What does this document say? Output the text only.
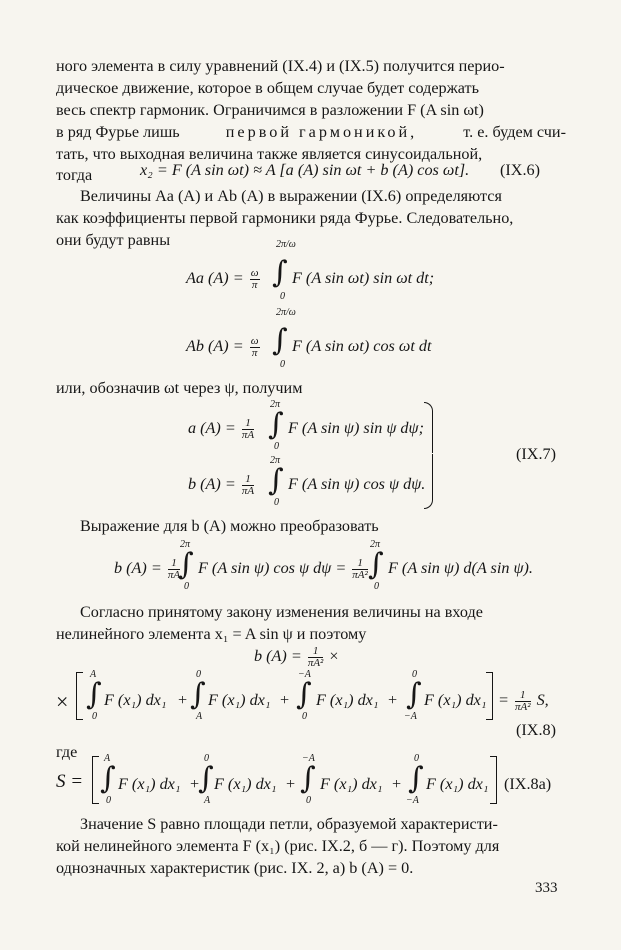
ного элемента в силу уравнений (IX.4) и (IX.5) получится перио-
дическое движение, которое в общем случае будет содержать
весь спектр гармоник. Ограничимся в разложении F (A sin ωt)
в ряд Фурье лишь	первой гармоникой,	т. е. будем счи-
тать, что выходная величина также является синусоидальной,
тогда	x₂ = F (A sin ωt) ≈ A [a (A) sin ωt + b (A) cos ωt]. (IX.6)
Величины Aa (A) и Ab (A) в выражении (IX.6) определяются
как коэффициенты первой гармоники ряда Фурье. Следовательно,
они будут равны
Aa $(A) = \frac{\omega}{\pi}$
2π/ω
∫
0
F (A sin ωt) sin ωt dt;
Ab $(A) = \frac{\omega}{\pi}$
2π/ω
∫
0
F (A sin ωt) cos ωt dt
или, обозначив ωt через ψ, получим
a $(A) = \frac{1}{\pi A}$
2π
∫
0
F (A sin ψ) sin ψ dψ;
b $(A) = \frac{1}{\pi A}$
2π
∫
0
F (A sin ψ) cos ψ dψ.
(IX.7)
Выражение для b (A) можно преобразовать
b $(A) = \frac{1}{\pi A}$
2π
∫
0
F (A sin ψ) cos ψ $d\psi = \frac{1}{\text{πA²}}$
2π
∫
0
F (A sin ψ) d(A sin ψ).
Согласно принятому закону изменения величины на входе
нелинейного элемента x₁ = A sin ψ и поэтому
b $(A) = \frac{1}{\text{πA²}}$ ×
×
A
∫
0
F (x₁) dx₁ +
0
∫
A
F (x₁) dx₁ +
−A
∫
0
F (x₁) dx₁ +
0
∫
−A
F (x₁) $dx_1 = \frac{1}{\text{πA²}} S$,
(IX.8)
где
S =
A
∫
0
F (x₁) dx₁ +
0
∫
A
F (x₁) dx₁ +
−A
∫
0
F (x₁) dx₁ +
0
∫
−A
F (x₁) dx₁ (IX.8a)
Значение S равно площади петли, образуемой характеристи-
кой нелинейного элемента F (x₁) (рис. IX.2, б — г). Поэтому для
однозначных характеристик (рис. IX. 2, а) b (A) = 0.
333
